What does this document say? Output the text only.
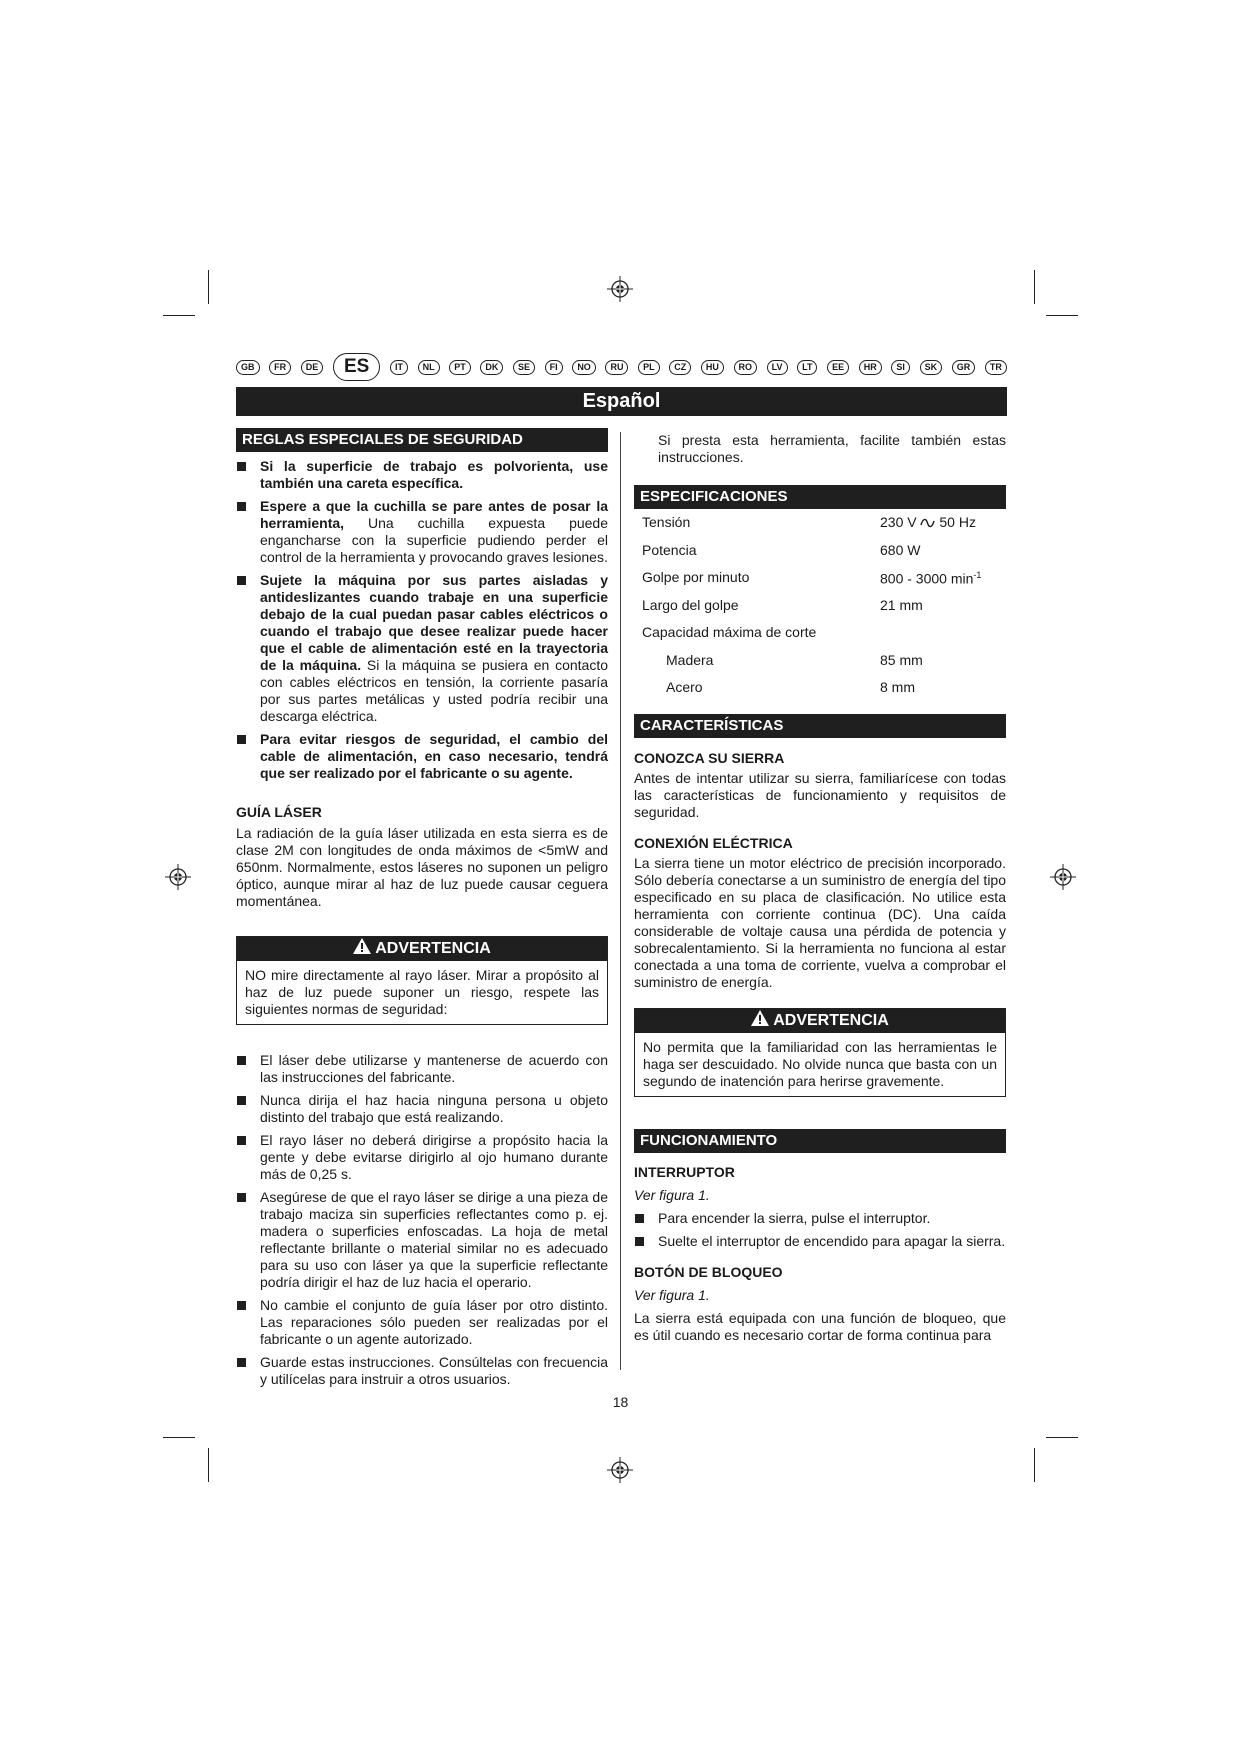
GB	FR	DE	ES	IT	NL	PT	DK	SE	FI	NO	RU	PL	CZ	HU	RO	LV	LT	EE	HR	SI	SK	GR	TR
Español
REGLAS ESPECIALES DE SEGURIDAD

Si la superficie de trabajo es polvorienta, use también una careta específica.

Espere a que la cuchilla se pare antes de posar la herramienta, Una cuchilla expuesta puede engancharse con la superficie pudiendo perder el control de la herramienta y provocando graves lesiones.

Sujete la máquina por sus partes aisladas y antideslizantes cuando trabaje en una superficie debajo de la cual puedan pasar cables eléctricos o cuando el trabajo que desee realizar puede hacer que el cable de alimentación esté en la trayectoria de la máquina. Si la máquina se pusiera en contacto con cables eléctricos en tensión, la corriente pasaría por sus partes metálicas y usted podría recibir una descarga eléctrica.

Para evitar riesgos de seguridad, el cambio del cable de alimentación, en caso necesario, tendrá que ser realizado por el fabricante o su agente.

GUÍA LÁSER

La radiación de la guía láser utilizada en esta sierra es de clase 2M con longitudes de onda máximos de <5mW and 650nm. Normalmente, estos láseres no suponen un peligro óptico, aunque mirar al haz de luz puede causar ceguera momentánea.

ADVERTENCIA
NO mire directamente al rayo láser. Mirar a propósito al haz de luz puede suponer un riesgo, respete las siguientes normas de seguridad:

El láser debe utilizarse y mantenerse de acuerdo con las instrucciones del fabricante.

Nunca dirija el haz hacia ninguna persona u objeto distinto del trabajo que está realizando.

El rayo láser no deberá dirigirse a propósito hacia la gente y debe evitarse dirigirlo al ojo humano durante más de 0,25 s.

Asegúrese de que el rayo láser se dirige a una pieza de trabajo maciza sin superficies reflectantes como p. ej. madera o superficies enfoscadas. La hoja de metal reflectante brillante o material similar no es adecuado para su uso con láser ya que la superficie reflectante podría dirigir el haz de luz hacia el operario.

No cambie el conjunto de guía láser por otro distinto. Las reparaciones sólo pueden ser realizadas por el fabricante o un agente autorizado.

Guarde estas instrucciones. Consúltelas con frecuencia y utilícelas para instruir a otros usuarios.

Si presta esta herramienta, facilite también estas instrucciones.

ESPECIFICACIONES
Tensión	230 V 50 Hz
Potencia	680 W
Golpe por minuto	800 - 3000 $\min^{-1}$
Largo del golpe	21 mm
Capacidad máxima de corte	
Madera	85 mm
Acero	8 mm
CARACTERÍSTICAS

CONOZCA SU SIERRA

Antes de intentar utilizar su sierra, familiarícese con todas las características de funcionamiento y requisitos de seguridad.

CONEXIÓN ELÉCTRICA

La sierra tiene un motor eléctrico de precisión incorporado. Sólo debería conectarse a un suministro de energía del tipo especificado en su placa de clasificación. No utilice esta herramienta con corriente continua (DC). Una caída considerable de voltaje causa una pérdida de potencia y sobrecalentamiento. Si la herramienta no funciona al estar conectada a una toma de corriente, vuelva a comprobar el suministro de energía.

ADVERTENCIA
No permita que la familiaridad con las herramientas le haga ser descuidado. No olvide nunca que basta con un segundo de inatención para herirse gravemente.
FUNCIONAMIENTO

INTERRUPTOR

Ver figura 1.

Para encender la sierra, pulse el interruptor.

Suelte el interruptor de encendido para apagar la sierra.

BOTÓN DE BLOQUEO

Ver figura 1.

La sierra está equipada con una función de bloqueo, que es útil cuando es necesario cortar de forma continua para

18
